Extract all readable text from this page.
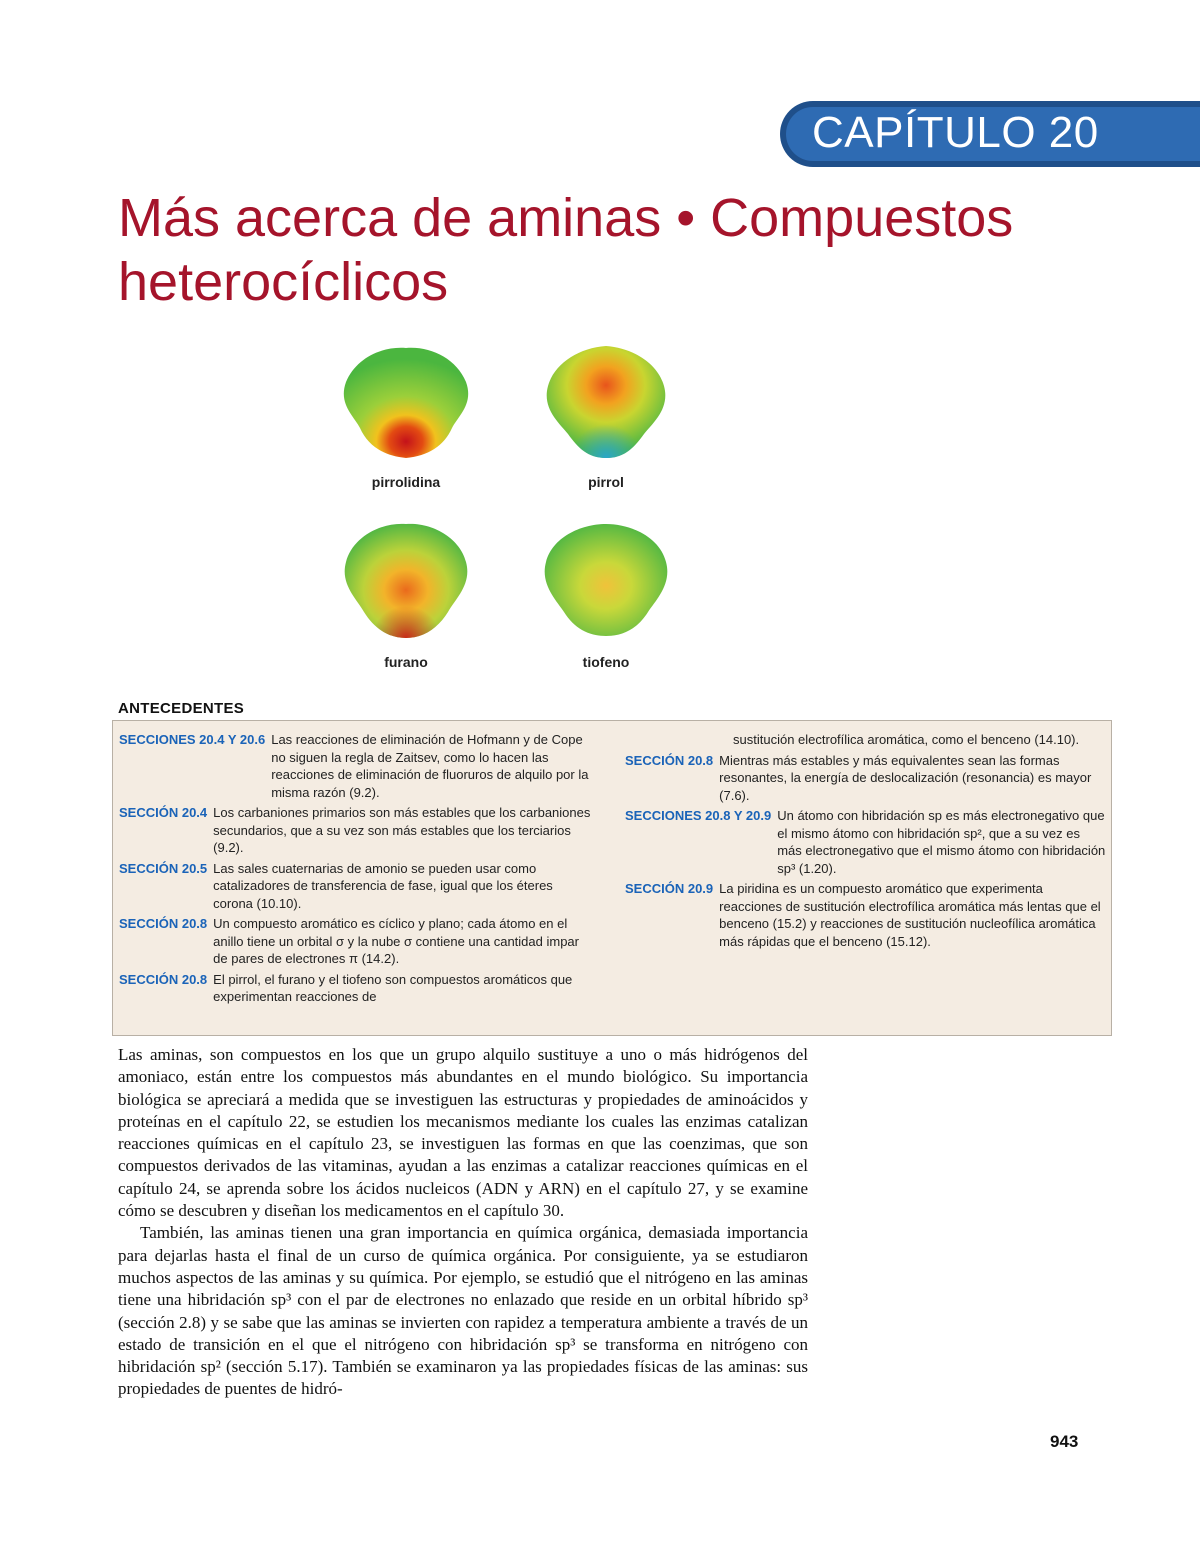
CAPÍTULO 20
Más acerca de aminas • Compuestos heterocíclicos
pirrolidina	pirrol
furano	tiofeno
ANTECEDENTES
SECCIONES 20.4 Y 20.6 Las reacciones de eliminación de Hofmann y de Cope no siguen la regla de Zaitsev, como lo hacen las reacciones de eliminación de fluoruros de alquilo por la misma razón (9.2).
SECCIÓN 20.4 Los carbaniones primarios son más estables que los carbaniones secundarios, que a su vez son más estables que los terciarios (9.2).
SECCIÓN 20.5 Las sales cuaternarias de amonio se pueden usar como catalizadores de transferencia de fase, igual que los éteres corona (10.10).
SECCIÓN 20.8 Un compuesto aromático es cíclico y plano; cada átomo en el anillo tiene un orbital σ y la nube σ contiene una cantidad impar de pares de electrones π (14.2).
SECCIÓN 20.8 El pirrol, el furano y el tiofeno son compuestos aromáticos que experimentan reacciones de
sustitución electrofílica aromática, como el benceno (14.10).
SECCIÓN 20.8 Mientras más estables y más equivalentes sean las formas resonantes, la energía de deslocalización (resonancia) es mayor (7.6).
SECCIONES 20.8 Y 20.9 Un átomo con hibridación sp es más electronegativo que el mismo átomo con hibridación sp², que a su vez es más electronegativo que el mismo átomo con hibridación sp³ (1.20).
SECCIÓN 20.9 La piridina es un compuesto aromático que experimenta reacciones de sustitución electrofílica aromática más lentas que el benceno (15.2) y reacciones de sustitución nucleofílica aromática más rápidas que el benceno (15.12).

Las aminas, son compuestos en los que un grupo alquilo sustituye a uno o más hidrógenos del amoniaco, están entre los compuestos más abundantes en el mundo biológico. Su importancia biológica se apreciará a medida que se investiguen las estructuras y propiedades de aminoácidos y proteínas en el capítulo 22, se estudien los mecanismos mediante los cuales las enzimas catalizan reacciones químicas en el capítulo 23, se investiguen las formas en que las coenzimas, que son compuestos derivados de las vitaminas, ayudan a las enzimas a catalizar reacciones químicas en el capítulo 24, se aprenda sobre los ácidos nucleicos (ADN y ARN) en el capítulo 27, y se examine cómo se descubren y diseñan los medicamentos en el capítulo 30.

También, las aminas tienen una gran importancia en química orgánica, demasiada importancia para dejarlas hasta el final de un curso de química orgánica. Por consiguiente, ya se estudiaron muchos aspectos de las aminas y su química. Por ejemplo, se estudió que el nitrógeno en las aminas tiene una hibridación sp³ con el par de electrones no enlazado que reside en un orbital híbrido sp³ (sección 2.8) y se sabe que las aminas se invierten con rapidez a temperatura ambiente a través de un estado de transición en el que el nitrógeno con hibridación sp³ se transforma en nitrógeno con hibridación sp² (sección 5.17). También se examinaron ya las propiedades físicas de las aminas: sus propiedades de puentes de hidró-

943
